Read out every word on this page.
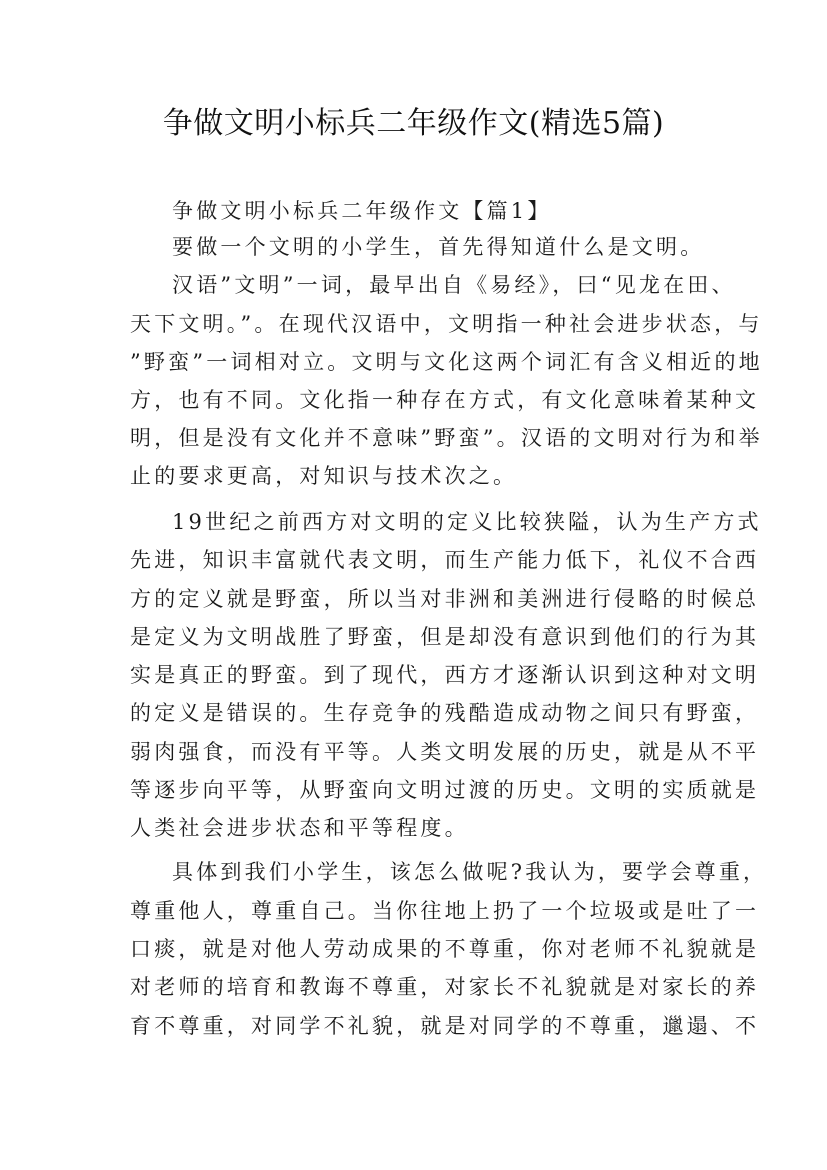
争做文明小标兵二年级作文(精选5篇)
争做文明小标兵二年级作文【篇1】
要做一个文明的小学生，首先得知道什么是文明。
汉语”文明”一词，最早出自《易经》，曰“见龙在田、
天下文明。”。在现代汉语中，文明指一种社会进步状态，与
”野蛮”一词相对立。文明与文化这两个词汇有含义相近的地
方，也有不同。文化指一种存在方式，有文化意味着某种文
明，但是没有文化并不意味”野蛮”。汉语的文明对行为和举
止的要求更高，对知识与技术次之。
19世纪之前西方对文明的定义比较狭隘，认为生产方式
先进，知识丰富就代表文明，而生产能力低下，礼仪不合西
方的定义就是野蛮，所以当对非洲和美洲进行侵略的时候总
是定义为文明战胜了野蛮，但是却没有意识到他们的行为其
实是真正的野蛮。到了现代，西方才逐渐认识到这种对文明
的定义是错误的。生存竞争的残酷造成动物之间只有野蛮，
弱肉强食，而没有平等。人类文明发展的历史，就是从不平
等逐步向平等，从野蛮向文明过渡的历史。文明的实质就是
人类社会进步状态和平等程度。
具体到我们小学生，该怎么做呢?我认为，要学会尊重，
尊重他人，尊重自己。当你往地上扔了一个垃圾或是吐了一
口痰，就是对他人劳动成果的不尊重，你对老师不礼貌就是
对老师的培育和教诲不尊重，对家长不礼貌就是对家长的养
育不尊重，对同学不礼貌，就是对同学的不尊重，邋遢、不
